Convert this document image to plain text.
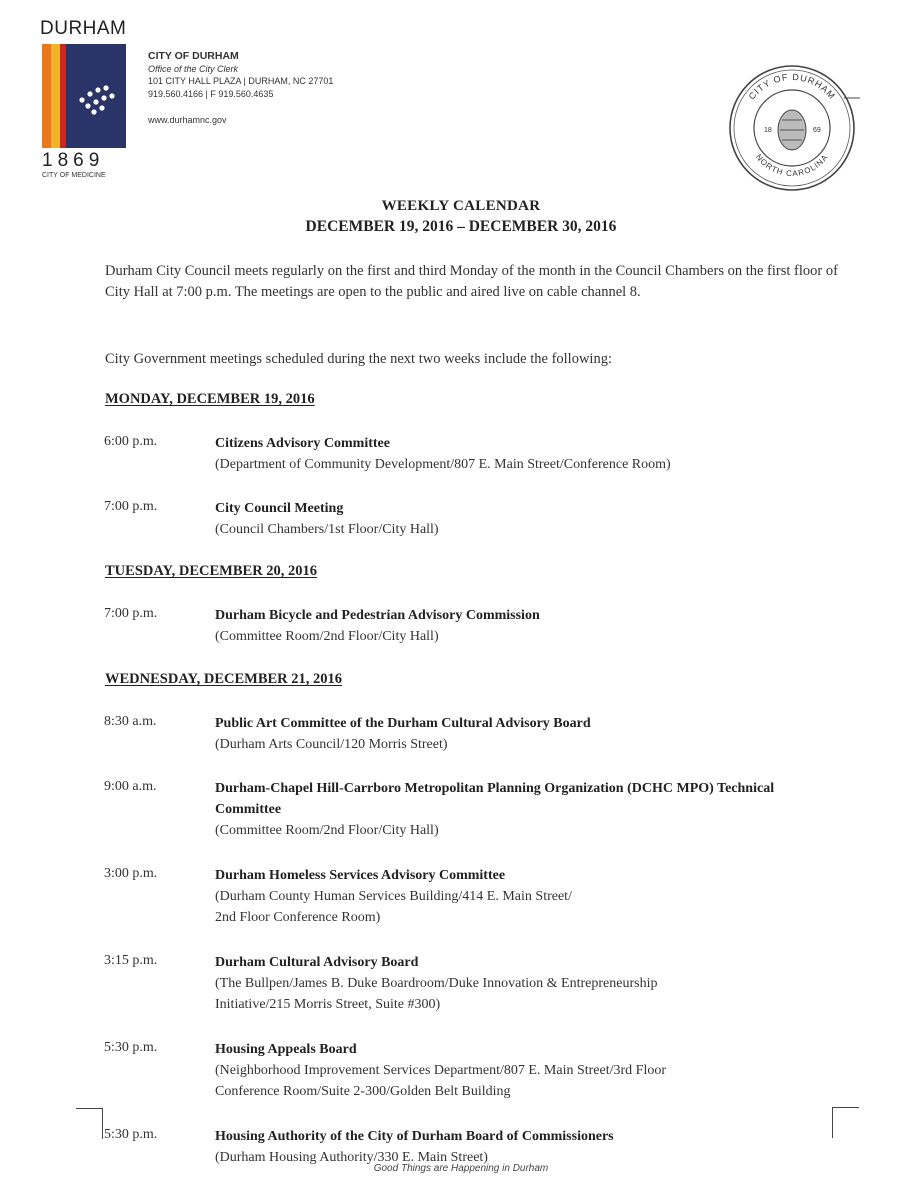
DURHAM
1869
CITY OF MEDICINE
CITY OF DURHAM
Office of the City Clerk
101 CITY HALL PLAZA | DURHAM, NC 27701
919.560.4166 | F 919.560.4635
www.durhamnc.gov
CITY OF DURHAM
NORTH CAROLINA
18	69
WEEKLY CALENDAR
DECEMBER 19, 2016 – DECEMBER 30, 2016
Durham City Council meets regularly on the first and third Monday of the month in the Council Chambers on the first floor of City Hall at 7:00 p.m. The meetings are open to the public and aired live on cable channel 8.
City Government meetings scheduled during the next two weeks include the following:
MONDAY, DECEMBER 19, 2016
6:00 p.m.	Citizens Advisory Committee
(Department of Community Development/807 E. Main Street/Conference Room)
7:00 p.m.	City Council Meeting
(Council Chambers/1st Floor/City Hall)
TUESDAY, DECEMBER 20, 2016
7:00 p.m.	Durham Bicycle and Pedestrian Advisory Commission
(Committee Room/2nd Floor/City Hall)
WEDNESDAY, DECEMBER 21, 2016
8:30 a.m.	Public Art Committee of the Durham Cultural Advisory Board
(Durham Arts Council/120 Morris Street)
9:00 a.m.	Durham-Chapel Hill-Carrboro Metropolitan Planning Organization (DCHC MPO) Technical Committee
(Committee Room/2nd Floor/City Hall)
3:00 p.m.	Durham Homeless Services Advisory Committee
(Durham County Human Services Building/414 E. Main Street/
2nd Floor Conference Room)
3:15 p.m.	Durham Cultural Advisory Board
(The Bullpen/James B. Duke Boardroom/Duke Innovation & Entrepreneurship
Initiative/215 Morris Street, Suite #300)
5:30 p.m.	Housing Appeals Board
(Neighborhood Improvement Services Department/807 E. Main Street/3rd Floor
Conference Room/Suite 2-300/Golden Belt Building
5:30 p.m.	Housing Authority of the City of Durham Board of Commissioners
(Durham Housing Authority/330 E. Main Street)
Good Things are Happening in Durham
